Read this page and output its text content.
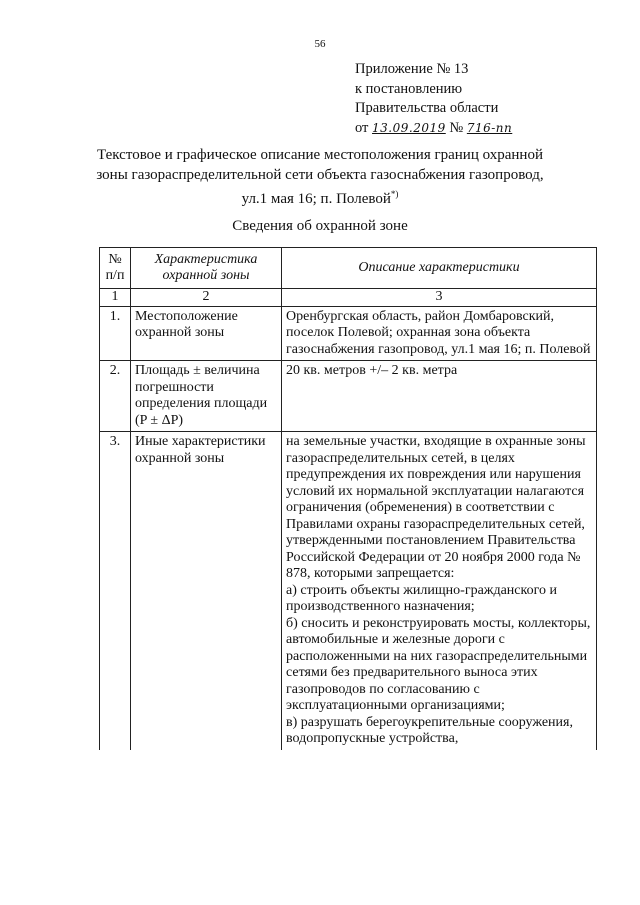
56
Приложение № 13
к постановлению
Правительства области
от 13.09.2019 № 716-пп
Текстовое и графическое описание местоположения границ охранной зоны газораспределительной сети объекта газоснабжения газопровод, ул.1 мая 16; п. Полевой*)
Сведения об охранной зоне
№ п/п	Характеристика охранной зоны	Описание характеристики
1	2	3
1.	Местоположение охранной зоны	Оренбургская область, район Домбаровский, поселок Полевой; охранная зона объекта газоснабжения газопровод, ул.1 мая 16; п. Полевой
2.	Площадь ± величина погрешности определения площади (P ± ΔP)	20 кв. метров +/– 2 кв. метра
3.	Иные характеристики охранной зоны	на земельные участки, входящие в охранные зоны газораспределительных сетей, в целях предупреждения их повреждения или нарушения условий их нормальной эксплуатации налагаются ограничения (обременения) в соответствии с Правилами охраны газораспределительных сетей, утвержденными постановлением Правительства Российской Федерации от 20 ноября 2000 года № 878, которыми запрещается:
а) строить объекты жилищно-гражданского и производственного назначения;
б) сносить и реконструировать мосты, коллекторы, автомобильные и железные дороги с расположенными на них газораспределительными сетями без предварительного выноса этих газопроводов по согласованию с эксплуатационными организациями;
в) разрушать берегоукрепительные сооружения, водопропускные устройства,
